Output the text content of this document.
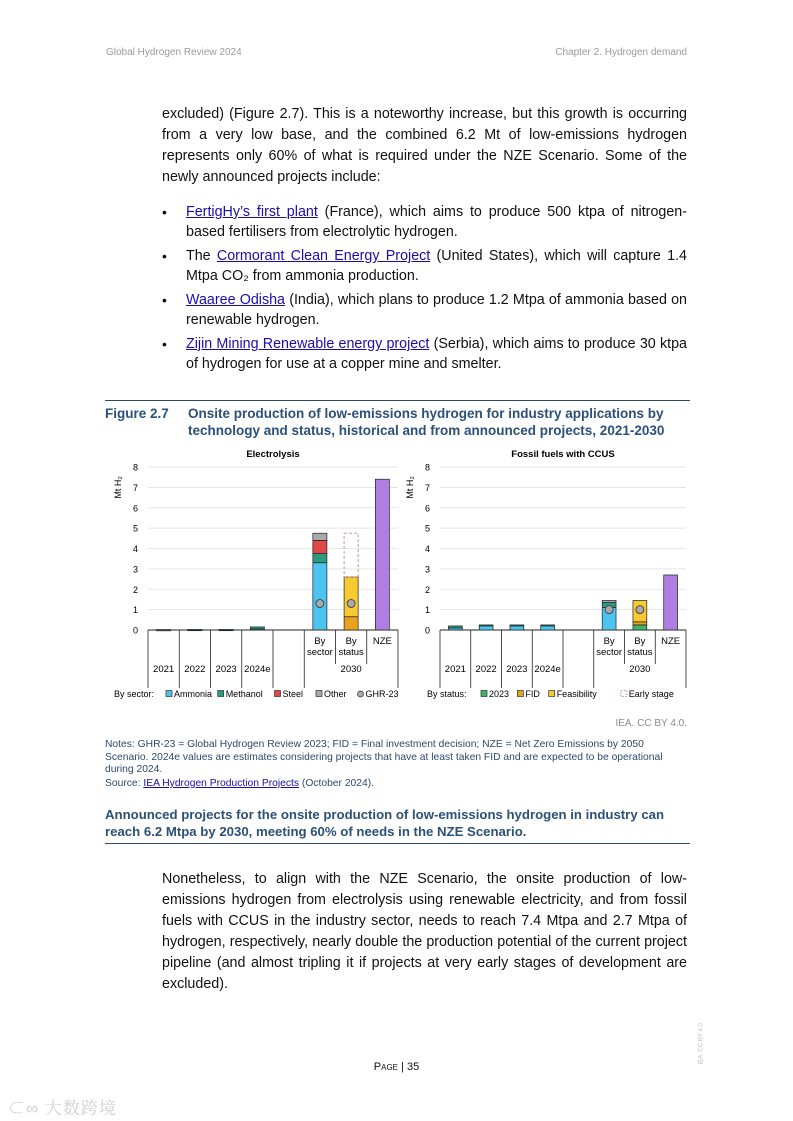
Global Hydrogen Review 2024	Chapter 2. Hydrogen demand
excluded) (Figure 2.7). This is a noteworthy increase, but this growth is occurring from a very low base, and the combined 6.2 Mt of low-emissions hydrogen represents only 60% of what is required under the NZE Scenario. Some of the newly announced projects include:
• FertigHy’s first plant (France), which aims to produce 500 ktpa of nitrogen-based fertilisers from electrolytic hydrogen.
• The Cormorant Clean Energy Project (United States), which will capture 1.4 Mtpa CO₂ from ammonia production.
• Waaree Odisha (India), which plans to produce 1.2 Mtpa of ammonia based on renewable hydrogen.
• Zijin Mining Renewable energy project (Serbia), which aims to produce 30 ktpa of hydrogen for use at a copper mine and smelter.
Figure 2.7 Onsite production of low-emissions hydrogen for industry applications by technology and status, historical and from announced projects, 2021-2030
Electrolysis
Mt H₂
0
1
2
3
4
5
6
7
8
2021 2022 2023 2024e
By
sector
By
status
NZE
2030
By sector: Ammonia Methanol Steel Other GHR-23
Fossil fuels with CCUS
Mt H₂
0
1
2
3
4
5
6
7
8
2021 2022 2023 2024e
By
sector
By
status
NZE
2030
By status: 2023 FID Feasibility	Early stage
IEA. CC BY 4.0.
Notes: GHR-23 = Global Hydrogen Review 2023; FID = Final investment decision; NZE = Net Zero Emissions by 2050 Scenario. 2024e values are estimates considering projects that have at least taken FID and are expected to be operational during 2024.
Source: IEA Hydrogen Production Projects (October 2024).
Announced projects for the onsite production of low-emissions hydrogen in industry can reach 6.2 Mtpa by 2030, meeting 60% of needs in the NZE Scenario.
Nonetheless, to align with the NZE Scenario, the onsite production of low-emissions hydrogen from electrolysis using renewable electricity, and from fossil fuels with CCUS in the industry sector, needs to reach 7.4 Mtpa and 2.7 Mtpa of hydrogen, respectively, nearly double the production potential of the current project pipeline (and almost tripling it if projects at very early stages of development are excluded).
Page | 35
IEA. CC BY 4.0.
⊂∞ 大数跨境
